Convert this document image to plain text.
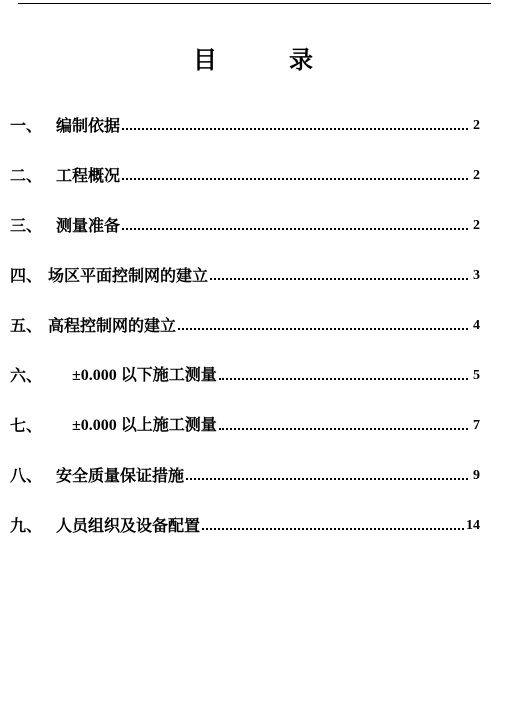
目　　　录
一、 编制依据	2
二、 工程概况	2
三、 测量准备	2
四、 场区平面控制网的建立	3
五、 高程控制网的建立	4
六、 ±0.000 以下施工测量	5
七、 ±0.000 以上施工测量	7
八、 安全质量保证措施	9
九、 人员组织及设备配置	14
